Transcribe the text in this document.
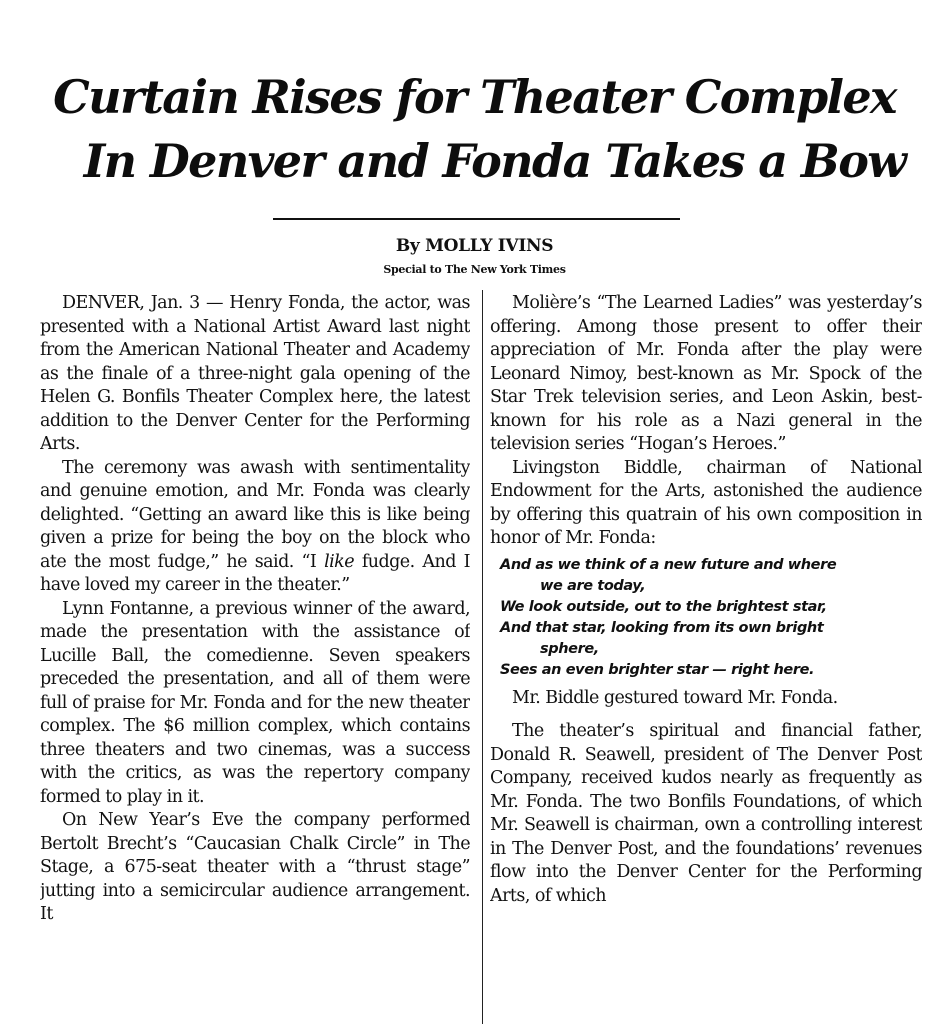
Curtain Rises for Theater Complex
In Denver and Fonda Takes a Bow
By MOLLY IVINS
Special to The New York Times

DENVER, Jan. 3 — Henry Fonda, the actor, was presented with a National Artist Award last night from the American National Theater and Academy as the finale of a three-night gala opening of the Helen G. Bonfils Theater Complex here, the latest addition to the Denver Center for the Performing Arts.

The ceremony was awash with sentimentality and genuine emotion, and Mr. Fonda was clearly delighted. “Getting an award like this is like being given a prize for being the boy on the block who ate the most fudge,” he said. “I like fudge. And I have loved my career in the theater.”

Lynn Fontanne, a previous winner of the award, made the presentation with the assistance of Lucille Ball, the comedienne. Seven speakers preceded the presentation, and all of them were full of praise for Mr. Fonda and for the new theater complex. The $6 million complex, which contains three theaters and two cinemas, was a success with the critics, as was the repertory company formed to play in it.

On New Year’s Eve the company performed Bertolt Brecht’s “Caucasian Chalk Circle” in The Stage, a 675-seat theater with a “thrust stage” jutting into a semicircular audience arrangement. It

Molière’s “The Learned Ladies” was yesterday’s offering. Among those present to offer their appreciation of Mr. Fonda after the play were Leonard Nimoy, best-known as Mr. Spock of the Star Trek television series, and Leon Askin, best-known for his role as a Nazi general in the television series “Hogan’s Heroes.”

Livingston Biddle, chairman of National Endowment for the Arts, astonished the audience by offering this quatrain of his own composition in honor of Mr. Fonda:

And as we think of a new future and where
we are today,
We look outside, out to the brightest star,
And that star, looking from its own bright
sphere,
Sees an even brighter star — right here.

Mr. Biddle gestured toward Mr. Fonda.

The theater’s spiritual and financial father, Donald R. Seawell, president of The Denver Post Company, received kudos nearly as frequently as Mr. Fonda. The two Bonfils Foundations, of which Mr. Seawell is chairman, own a controlling interest in The Denver Post, and the foundations’ revenues flow into the Denver Center for the Performing Arts, of which
